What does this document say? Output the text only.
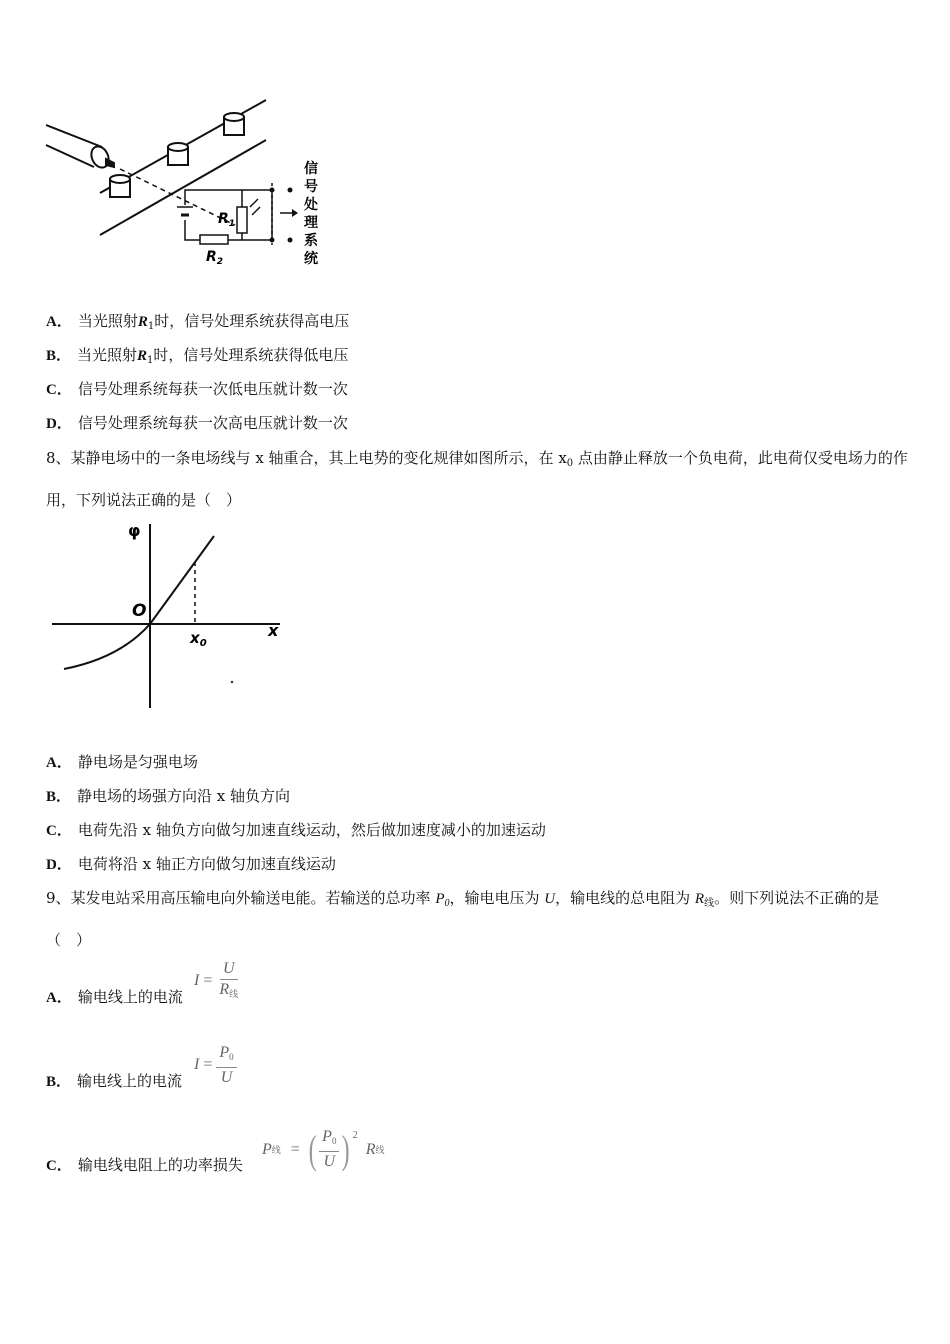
$R_1$
$R_2$
信
号
处
理
系
统
A． 当光照射$R_1$时，信号处理系统获得高电压
B． 当光照射$R_1$时，信号处理系统获得低电压
C． 信号处理系统每获一次低电压就计数一次
D． 信号处理系统每获一次高电压就计数一次
8、某静电场中的一条电场线与 x 轴重合，其上电势的变化规律如图所示，在 $x_0$ 点由静止释放一个负电荷，此电荷仅受电场力的作用，下列说法正确的是（　）
φ
O
x
$x_0$
A． 静电场是匀强电场
B． 静电场的场强方向沿 x 轴负方向
C． 电荷先沿 x 轴负方向做匀加速直线运动，然后做加速度减小的加速运动
D． 电荷将沿 x 轴正方向做匀加速直线运动
9、某发电站采用高压输电向外输送电能。若输送的总功率 $P_0$，输电电压为 U，输电线的总电阻为 $R_线$。则下列说法不正确的是（　）
A． 输电线上的电流
$I = \frac{U}{\text{R线}}$
B． 输电线上的电流
$I = \frac{P0}{U}$
C． 输电线电阻上的功率损失
P 线 = ( $\frac{P0}{U}$ ) 2
R 线
